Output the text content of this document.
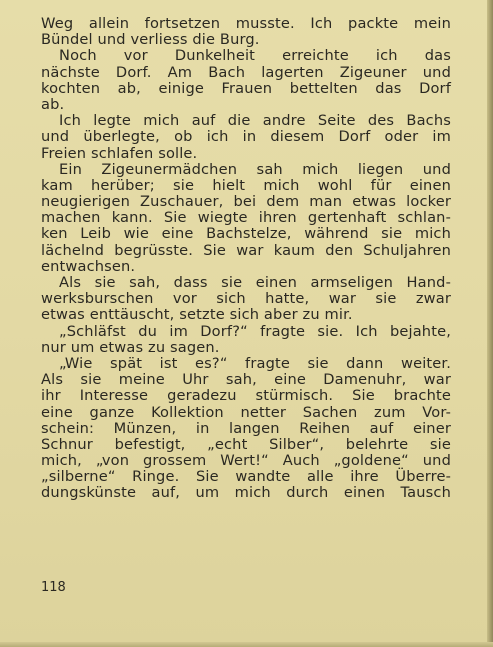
Weg allein fortsetzen musste. Ich packte mein
Bündel und verliess die Burg.
Noch vor Dunkelheit erreichte ich das
nächste Dorf. Am Bach lagerten Zigeuner und
kochten ab, einige Frauen bettelten das Dorf
ab.
Ich legte mich auf die andre Seite des Bachs
und überlegte, ob ich in diesem Dorf oder im
Freien schlafen solle.
Ein Zigeunermädchen sah mich liegen und
kam herüber; sie hielt mich wohl für einen
neugierigen Zuschauer, bei dem man etwas locker
machen kann. Sie wiegte ihren gertenhaft schlan-
ken Leib wie eine Bachstelze, während sie mich
lächelnd begrüsste. Sie war kaum den Schuljahren
entwachsen.
Als sie sah, dass sie einen armseligen Hand-
werksburschen vor sich hatte, war sie zwar
etwas enttäuscht, setzte sich aber zu mir.
„Schläfst du im Dorf?“ fragte sie. Ich bejahte,
nur um etwas zu sagen.
„Wie spät ist es?“ fragte sie dann weiter.
Als sie meine Uhr sah, eine Damenuhr, war
ihr Interesse geradezu stürmisch. Sie brachte
eine ganze Kollektion netter Sachen zum Vor-
schein: Münzen, in langen Reihen auf einer
Schnur befestigt, „echt Silber“, belehrte sie
mich, „von grossem Wert!“ Auch „goldene“ und
„silberne“ Ringe. Sie wandte alle ihre Überre-
dungskünste auf, um mich durch einen Tausch
118
